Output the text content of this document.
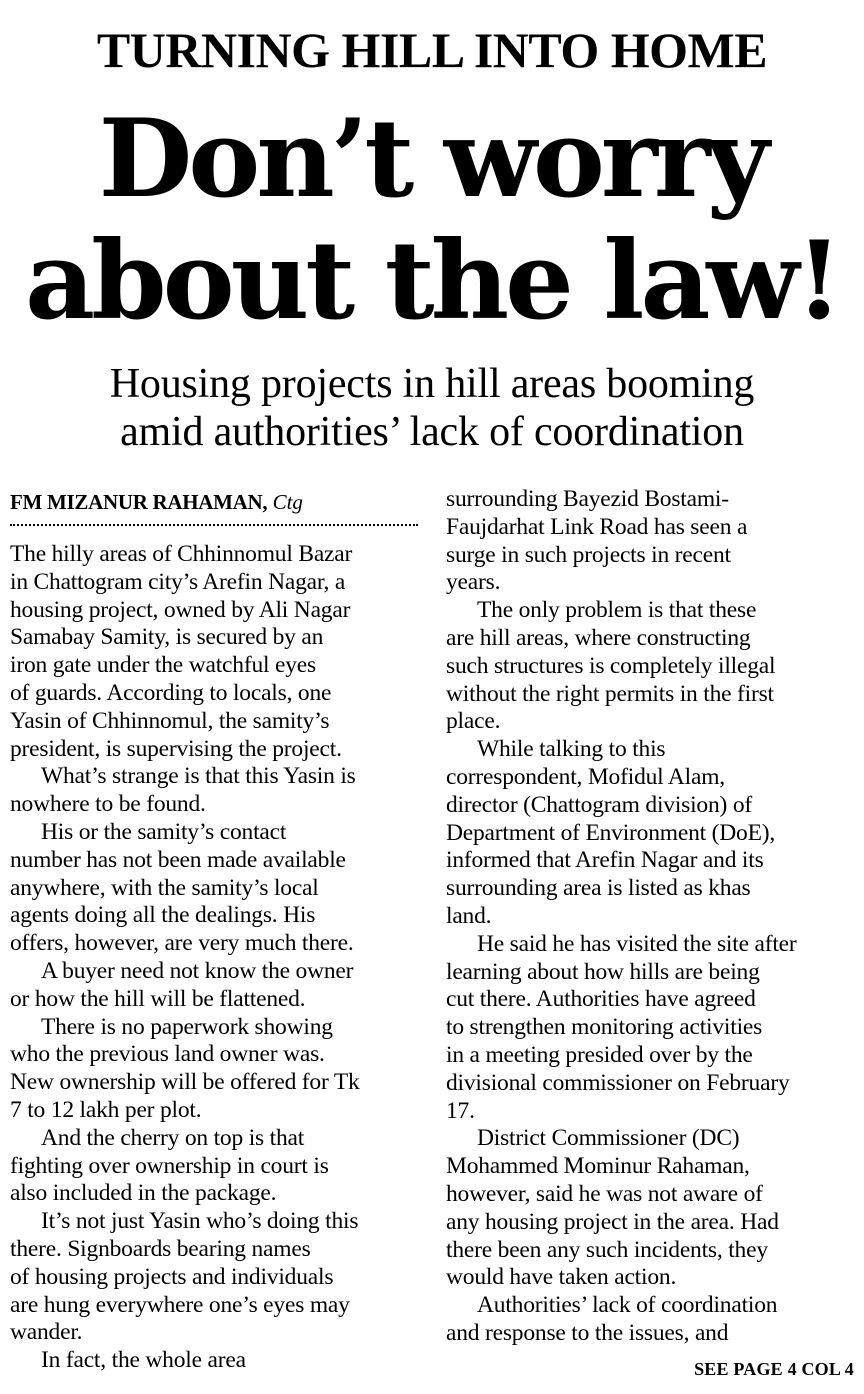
TURNING HILL INTO HOME
Don’t worry
about the law!
Housing projects in hill areas booming
amid authorities’ lack of coordination
FM MIZANUR RAHAMAN, Ctg
The hilly areas of Chhinnomul Bazar
in Chattogram city’s Arefin Nagar, a
housing project, owned by Ali Nagar
Samabay Samity, is secured by an
iron gate under the watchful eyes
of guards. According to locals, one
Yasin of Chhinnomul, the samity’s
president, is supervising the project.
What’s strange is that this Yasin is
nowhere to be found.
His or the samity’s contact
number has not been made available
anywhere, with the samity’s local
agents doing all the dealings. His
offers, however, are very much there.
A buyer need not know the owner
or how the hill will be flattened.
There is no paperwork showing
who the previous land owner was.
New ownership will be offered for Tk
7 to 12 lakh per plot.
And the cherry on top is that
fighting over ownership in court is
also included in the package.
It’s not just Yasin who’s doing this
there. Signboards bearing names
of housing projects and individuals
are hung everywhere one’s eyes may
wander.
In fact, the whole area
surrounding Bayezid Bostami-
Faujdarhat Link Road has seen a
surge in such projects in recent
years.
The only problem is that these
are hill areas, where constructing
such structures is completely illegal
without the right permits in the first
place.
While talking to this
correspondent, Mofidul Alam,
director (Chattogram division) of
Department of Environment (DoE),
informed that Arefin Nagar and its
surrounding area is listed as khas
land.
He said he has visited the site after
learning about how hills are being
cut there. Authorities have agreed
to strengthen monitoring activities
in a meeting presided over by the
divisional commissioner on February
17.
District Commissioner (DC)
Mohammed Mominur Rahaman,
however, said he was not aware of
any housing project in the area. Had
there been any such incidents, they
would have taken action.
Authorities’ lack of coordination
and response to the issues, and
SEE PAGE 4 COL 4
